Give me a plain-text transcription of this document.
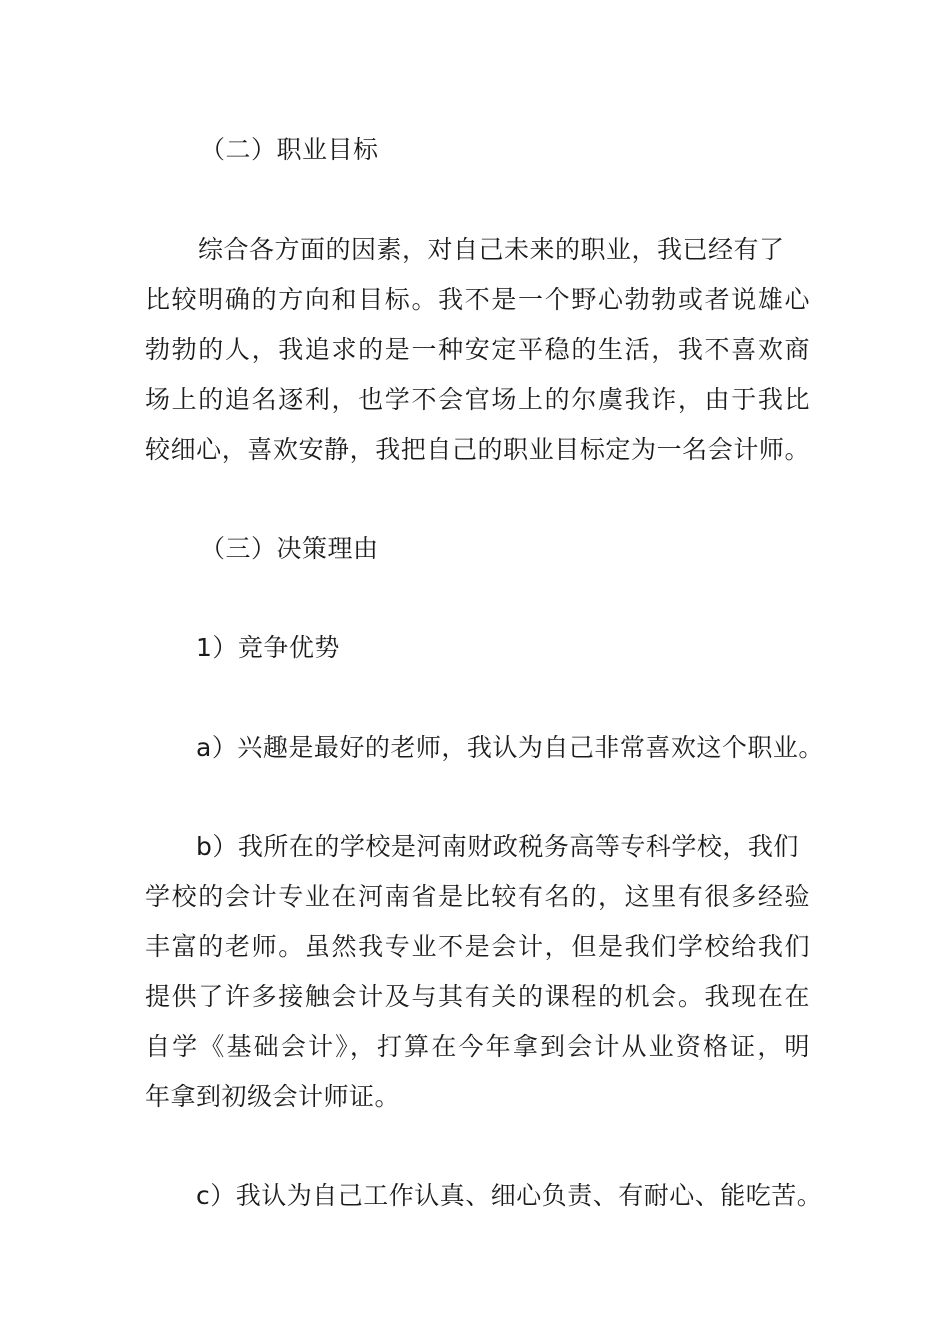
（二）职业目标
综合各方面的因素，对自己未来的职业，我已经有了
比较明确的方向和目标。我不是一个野心勃勃或者说雄心
勃勃的人，我追求的是一种安定平稳的生活，我不喜欢商
场上的追名逐利，也学不会官场上的尔虞我诈，由于我比
较细心，喜欢安静，我把自己的职业目标定为一名会计师。
（三）决策理由
1）竞争优势
a）兴趣是最好的老师，我认为自己非常喜欢这个职业。
b）我所在的学校是河南财政税务高等专科学校，我们
学校的会计专业在河南省是比较有名的，这里有很多经验
丰富的老师。虽然我专业不是会计，但是我们学校给我们
提供了许多接触会计及与其有关的课程的机会。我现在在
自学《基础会计》，打算在今年拿到会计从业资格证，明
年拿到初级会计师证。
c）我认为自己工作认真、细心负责、有耐心、能吃苦。
